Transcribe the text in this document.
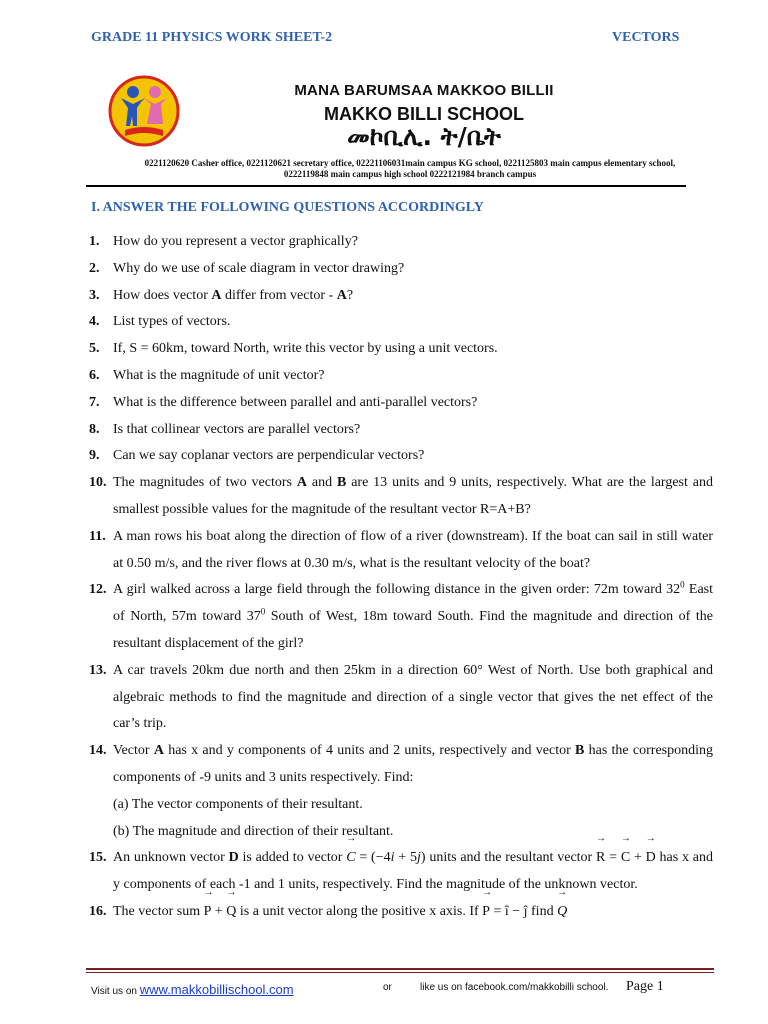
GRADE 11 PHYSICS WORK SHEET-2	VECTORS
MANA BARUMSAA MAKKOO BILLII
MAKKO BILLI SCHOOL
መኮቢሊ. ት/ቤት
0221120620 Casher office, 0221120621 secretary office, 02221106031main campus KG school, 0221125803 main campus elementary school,
0222119848 main campus high school 0222121984 branch campus
I. ANSWER THE FOLLOWING QUESTIONS ACCORDINGLY
1. How do you represent a vector graphically?
2. Why do we use of scale diagram in vector drawing?
3. How does vector A differ from vector - A?
4. List types of vectors.
5. If, S = 60km, toward North, write this vector by using a unit vectors.
6. What is the magnitude of unit vector?
7. What is the difference between parallel and anti-parallel vectors?
8. Is that collinear vectors are parallel vectors?
9. Can we say coplanar vectors are perpendicular vectors?
10. The magnitudes of two vectors A and B are 13 units and 9 units, respectively. What are the largest and smallest possible values for the magnitude of the resultant vector R=A+B?
11. A man rows his boat along the direction of flow of a river (downstream). If the boat can sail in still water at 0.50 m/s, and the river flows at 0.30 m/s, what is the resultant velocity of the boat?
12. A girl walked across a large field through the following distance in the given order: 72m toward $32^0$ East of North, 57m toward $37^0$ South of West, 18m toward South. Find the magnitude and direction of the resultant displacement of the girl?
13. A car travels 20km due north and then 25km in a direction 60° West of North. Use both graphical and algebraic methods to find the magnitude and direction of a single vector that gives the net effect of the car’s trip.
14. Vector A has x and y components of 4 units and 2 units, respectively and vector B has the corresponding components of -9 units and 3 units respectively. Find:
(a) The vector components of their resultant.
(b) The magnitude and direction of their resultant.
15. An unknown vector D is added to vector → C = (−4i + 5j) units and the resultant vector → R = → C + → D has x and y components of each -1 and 1 units, respectively. Find the magnitude of the unknown vector.
16. The vector sum → P + → Q is a unit vector along the positive x axis. If → P = î − ĵ find → Q
Visit us on www.makkobillischool.com	or	like us on facebook.com/makkobilli school. Page 1
